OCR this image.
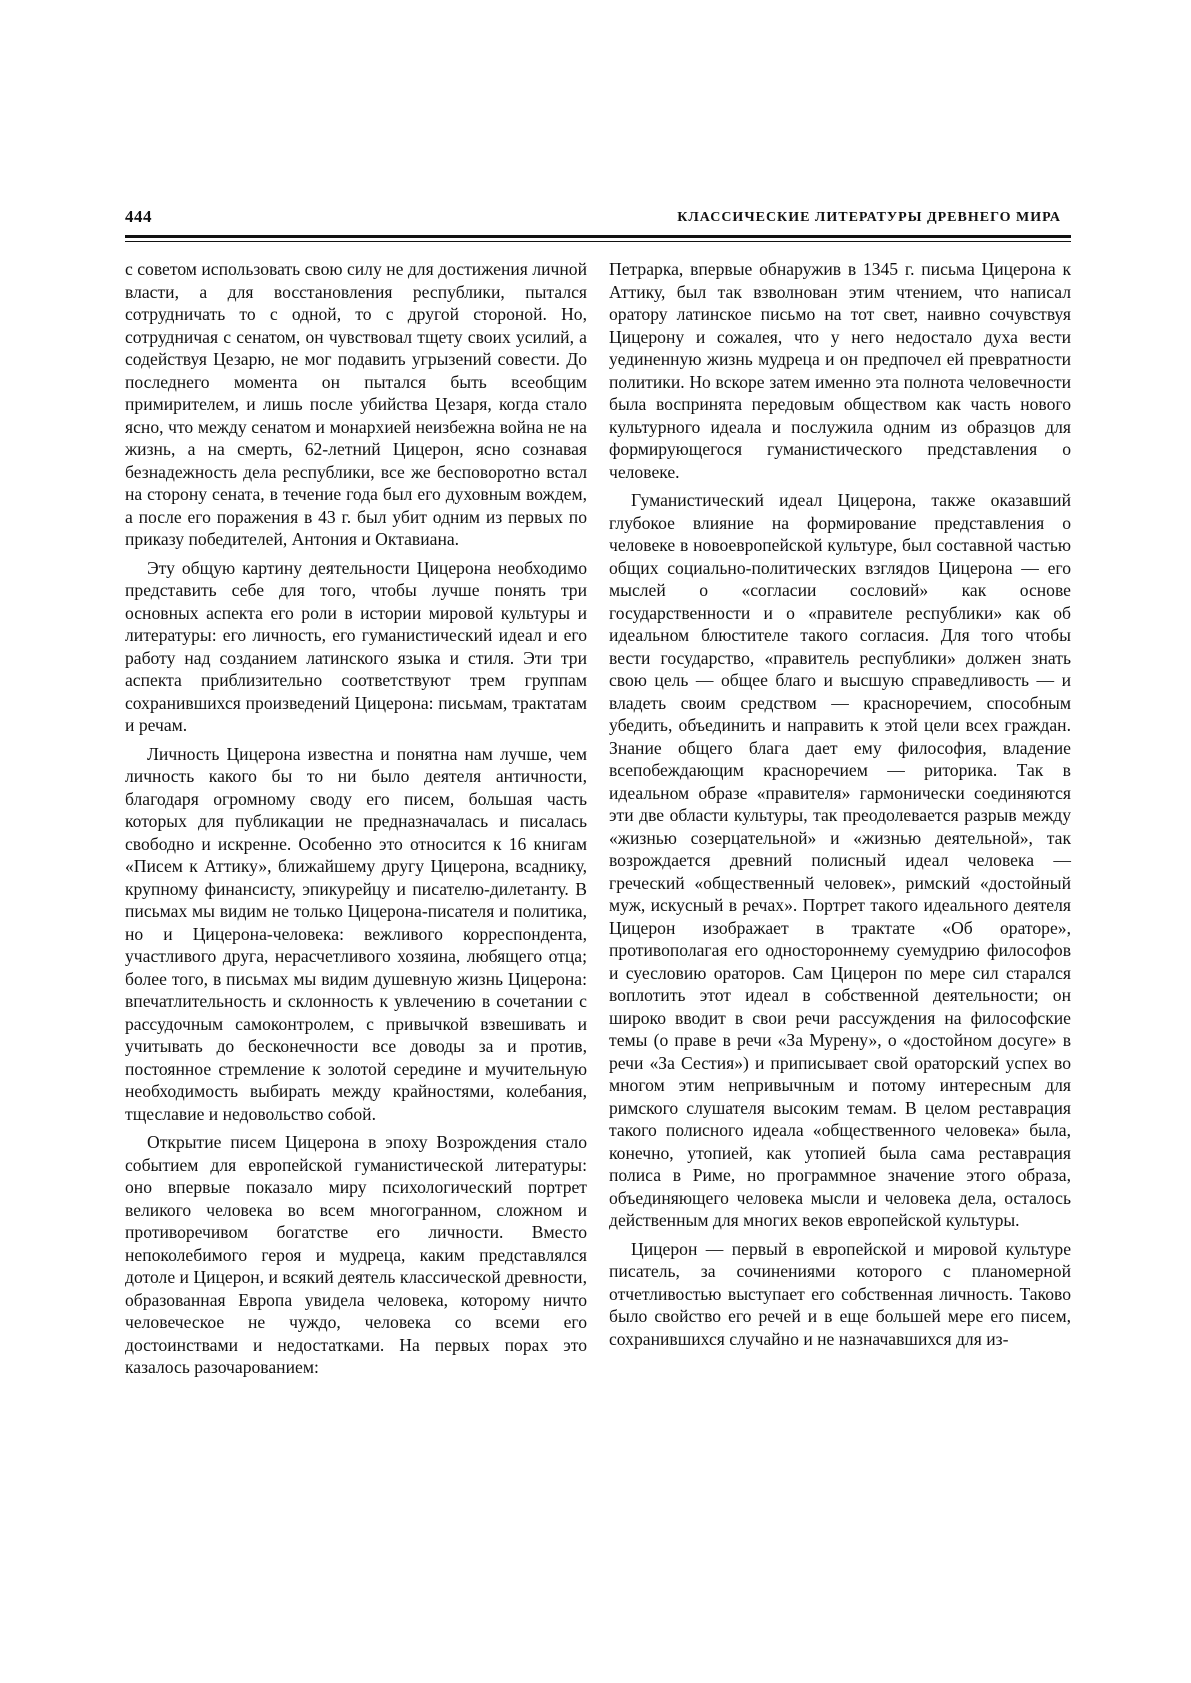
444	КЛАССИЧЕСКИЕ ЛИТЕРАТУРЫ ДРЕВНЕГО МИРА

с советом использовать свою силу не для достижения личной власти, а для восстановления республики, пытался сотрудничать то с одной, то с другой стороной. Но, сотрудничая с сенатом, он чувствовал тщету своих усилий, а содействуя Цезарю, не мог подавить угрызений совести. До последнего момента он пытался быть всеобщим примирителем, и лишь после убийства Цезаря, когда стало ясно, что между сенатом и монархией неизбежна война не на жизнь, а на смерть, 62-летний Цицерон, ясно сознавая безнадежность дела республики, все же бесповоротно встал на сторону сената, в течение года был его духовным вождем, а после его поражения в 43 г. был убит одним из первых по приказу победителей, Антония и Октавиана.

Эту общую картину деятельности Цицерона необходимо представить себе для того, чтобы лучше понять три основных аспекта его роли в истории мировой культуры и литературы: его личность, его гуманистический идеал и его работу над созданием латинского языка и стиля. Эти три аспекта приблизительно соответствуют трем группам сохранившихся произведений Цицерона: письмам, трактатам и речам.

Личность Цицерона известна и понятна нам лучше, чем личность какого бы то ни было деятеля античности, благодаря огромному своду его писем, большая часть которых для публикации не предназначалась и писалась свободно и искренне. Особенно это относится к 16 книгам «Писем к Аттику», ближайшему другу Цицерона, всаднику, крупному финансисту, эпикурейцу и писателю-дилетанту. В письмах мы видим не только Цицерона-писателя и политика, но и Цицерона-человека: вежливого корреспондента, участливого друга, нерасчетливого хозяина, любящего отца; более того, в письмах мы видим душевную жизнь Цицерона: впечатлительность и склонность к увлечению в сочетании с рассудочным самоконтролем, с привычкой взвешивать и учитывать до бесконечности все доводы за и против, постоянное стремление к золотой середине и мучительную необходимость выбирать между крайностями, колебания, тщеславие и недовольство собой.

Открытие писем Цицерона в эпоху Возрождения стало событием для европейской гуманистической литературы: оно впервые показало миру психологический портрет великого человека во всем многогранном, сложном и противоречивом богатстве его личности. Вместо непоколебимого героя и мудреца, каким представлялся дотоле и Цицерон, и всякий деятель классической древности, образованная Европа увидела человека, которому ничто человеческое не чуждо, человека со всеми его достоинствами и недостатками. На первых порах это казалось разочарованием:

Петрарка, впервые обнаружив в 1345 г. письма Цицерона к Аттику, был так взволнован этим чтением, что написал оратору латинское письмо на тот свет, наивно сочувствуя Цицерону и сожалея, что у него недостало духа вести уединенную жизнь мудреца и он предпочел ей превратности политики. Но вскоре затем именно эта полнота человечности была воспринята передовым обществом как часть нового культурного идеала и послужила одним из образцов для формирующегося гуманистического представления о человеке.

Гуманистический идеал Цицерона, также оказавший глубокое влияние на формирование представления о человеке в новоевропейской культуре, был составной частью общих социально-политических взглядов Цицерона — его мыслей о «согласии сословий» как основе государственности и о «правителе республики» как об идеальном блюстителе такого согласия. Для того чтобы вести государство, «правитель республики» должен знать свою цель — общее благо и высшую справедливость — и владеть своим средством — красноречием, способным убедить, объединить и направить к этой цели всех граждан. Знание общего блага дает ему философия, владение всепобеждающим красноречием — риторика. Так в идеальном образе «правителя» гармонически соединяются эти две области культуры, так преодолевается разрыв между «жизнью созерцательной» и «жизнью деятельной», так возрождается древний полисный идеал человека — греческий «общественный человек», римский «достойный муж, искусный в речах». Портрет такого идеального деятеля Цицерон изображает в трактате «Об ораторе», противополагая его одностороннему суемудрию философов и суесловию ораторов. Сам Цицерон по мере сил старался воплотить этот идеал в собственной деятельности; он широко вводит в свои речи рассуждения на философские темы (о праве в речи «За Мурену», о «достойном досуге» в речи «За Сестия») и приписывает свой ораторский успех во многом этим непривычным и потому интересным для римского слушателя высоким темам. В целом реставрация такого полисного идеала «общественного человека» была, конечно, утопией, как утопией была сама реставрация полиса в Риме, но программное значение этого образа, объединяющего человека мысли и человека дела, осталось действенным для многих веков европейской культуры.

Цицерон — первый в европейской и мировой культуре писатель, за сочинениями которого с планомерной отчетливостью выступает его собственная личность. Таково было свойство его речей и в еще большей мере его писем, сохранившихся случайно и не назначавшихся для из-
